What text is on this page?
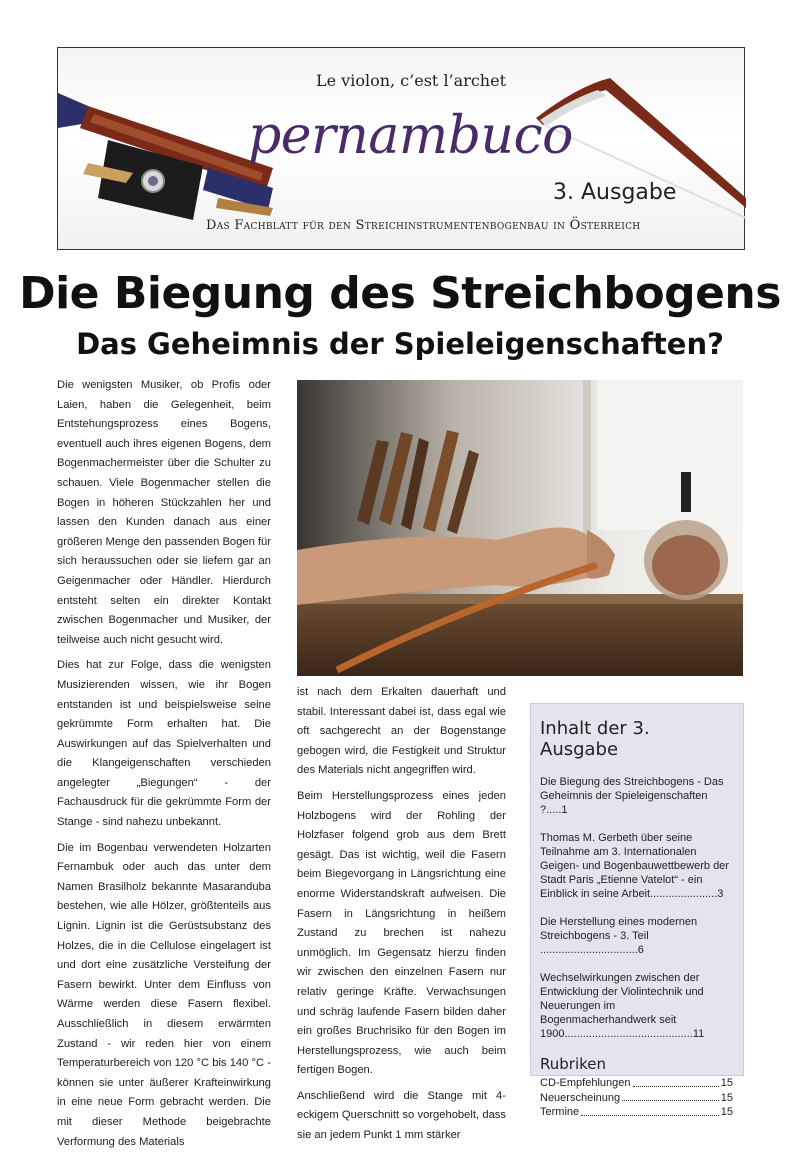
Le violon, c’est l’archet
pernambuco
3. Ausgabe
Das Fachblatt für den Streichinstrumentenbogenbau in Österreich
Die Biegung des Streichbogens
Das Geheimnis der Spieleigenschaften?

Die wenigsten Musiker, ob Profis oder Laien, haben die Gelegenheit, beim Entstehungsprozess eines Bogens, eventuell auch ihres eigenen Bogens, dem Bogenmachermeister über die Schulter zu schauen. Viele Bogenmacher stellen die Bogen in höheren Stückzahlen her und lassen den Kunden danach aus einer größeren Menge den passenden Bogen für sich heraussuchen oder sie liefern gar an Geigenmacher oder Händler. Hierdurch entsteht selten ein direkter Kontakt zwischen Bogenmacher und Musiker, der teilweise auch nicht gesucht wird.

Dies hat zur Folge, dass die wenigsten Musizierenden wissen, wie ihr Bogen entstanden ist und beispielsweise seine gekrümmte Form erhalten hat. Die Auswirkungen auf das Spielverhalten und die Klangeigenschaften verschieden angelegter „Biegungen“ - der Fachausdruck für die gekrümmte Form der Stange - sind nahezu unbekannt.

Die im Bogenbau verwendeten Holzarten Fernambuk oder auch das unter dem Namen Brasilholz bekannte Masaranduba bestehen, wie alle Hölzer, größtenteils aus Lignin. Lignin ist die Gerüstsubstanz des Holzes, die in die Cellulose eingelagert ist und dort eine zusätzliche Versteifung der Fasern bewirkt. Unter dem Einfluss von Wärme werden diese Fasern flexibel. Ausschließlich in diesem erwärmten Zustand - wir reden hier von einem Temperaturbereich von 120 °C bis 140 °C - können sie unter äußerer Krafteinwirkung in eine neue Form gebracht werden. Die mit dieser Methode beigebrachte Verformung des Materials

ist nach dem Erkalten dauerhaft und stabil. Interessant dabei ist, dass egal wie oft sachgerecht an der Bogenstange gebogen wird, die Festigkeit und Struktur des Materials nicht angegriffen wird.

Beim Herstellungsprozess eines jeden Holzbogens wird der Rohling der Holzfaser folgend grob aus dem Brett gesägt. Das ist wichtig, weil die Fasern beim Biegevorgang in Längsrichtung eine enorme Widerstandskraft aufweisen. Die Fasern in Längsrichtung in heißem Zustand zu brechen ist nahezu unmöglich. Im Gegensatz hierzu finden wir zwischen den einzelnen Fasern nur relativ geringe Kräfte. Verwachsungen und schräg laufende Fasern bilden daher ein großes Bruchrisiko für den Bogen im Herstellungsprozess, wie auch beim fertigen Bogen.

Anschließend wird die Stange mit 4-eckigem Querschnitt so vorgehobelt, dass sie an jedem Punkt 1 mm stärker

Inhalt der 3. Ausgabe
Die Biegung des Streichbogens - Das Geheimnis der Spieleigenschaften ?.....1
Thomas M. Gerbeth über seine Teilnahme am 3. Internationalen Geigen- und Bogenbauwettbewerb der Stadt Paris „Etienne Vatelot“ - ein Einblick in seine Arbeit......................3
Die Herstellung eines modernen Streichbogens - 3. Teil ................................6
Wechselwirkungen zwischen der Entwicklung der Violintechnik und Neuerungen im Bogenmacherhandwerk seit 1900..........................................11
Rubriken
CD-Empfehlungen	15
Neuerscheinung	15
Termine	15
